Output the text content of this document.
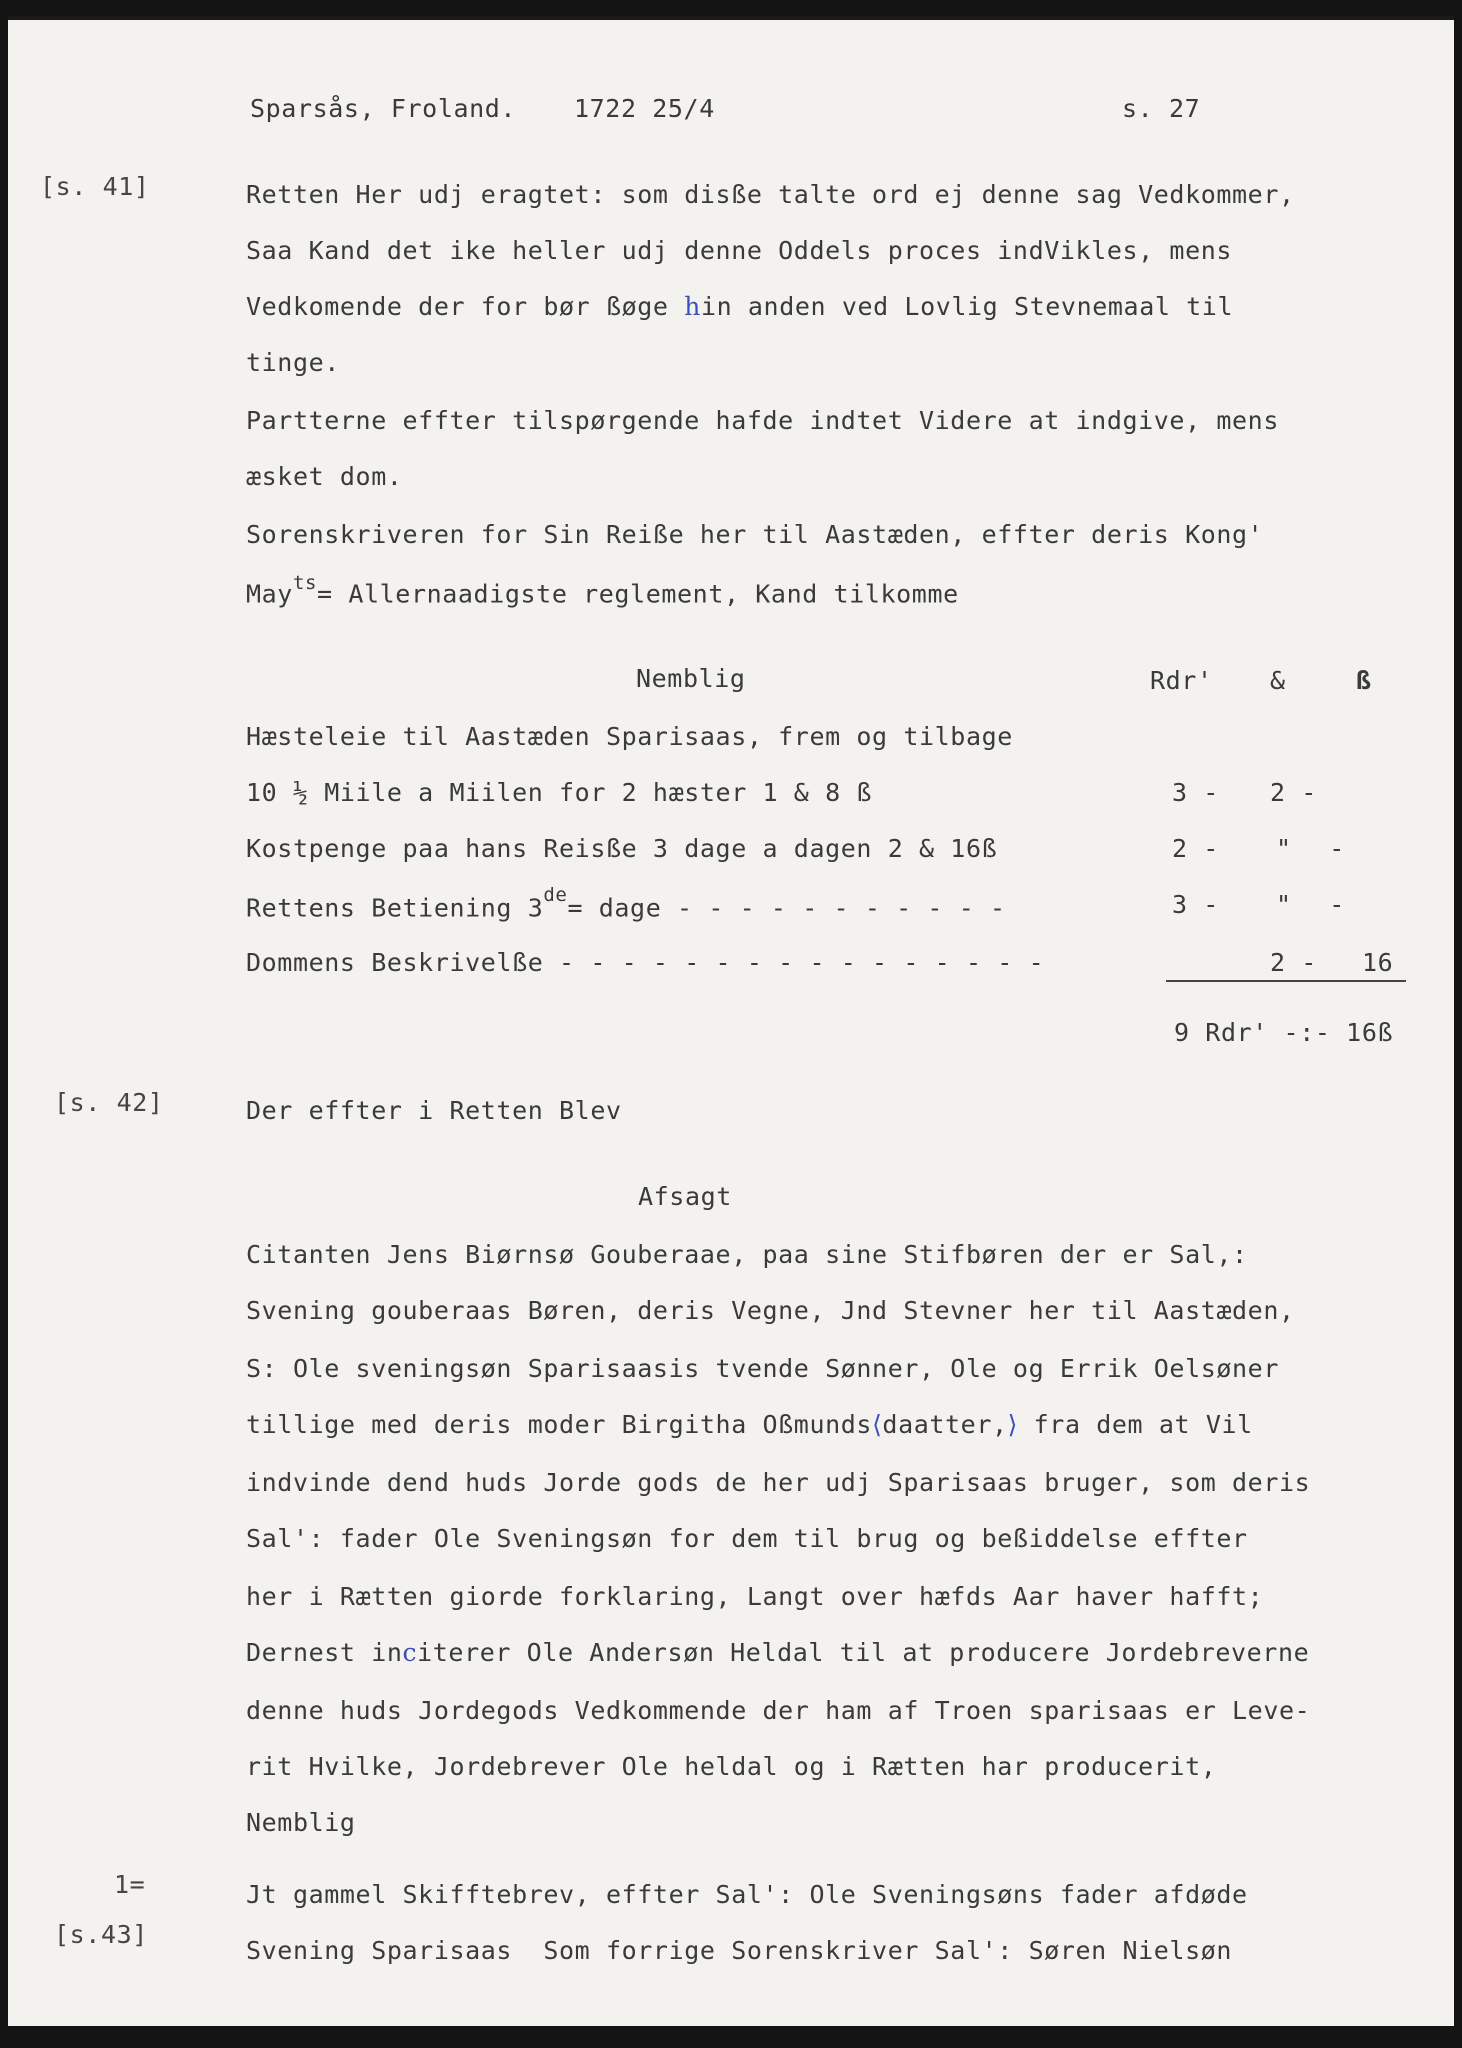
Sparsås, Froland. 1722 25/4	s. 27
[s. 41]
[s. 42]
1=
[s.43]
Retten Her udj eragtet: som disße talte ord ej denne sag Vedkommer,
Saa Kand det ike heller udj denne Oddels proces indVikles, mens
Vedkomende der for bør ßøge hin anden ved Lovlig Stevnemaal til
tinge.
Partterne effter tilspørgende hafde indtet Videre at indgive, mens
æsket dom.
Sorenskriveren for Sin Reiße her til Aastæden, effter deris Kong'
May$^{ts}$= Allernaadigste reglement, Kand tilkomme
Nemblig	Rdr' &	ß
Hæsteleie til Aastæden Sparisaas, frem og tilbage
10 ½ Miile a Miilen for 2 hæster 1 & 8 ß	3 - 2 -
Kostpenge paa hans Reisße 3 dage a dagen 2 & 16ß	2 - " -
Rettens Betiening 3de= dage - - - - - - - - - - -	3 - " -
Dommens Beskrivelße - - - - - - - - - - - - - - - -	2 - 16
9 Rdr' -:- 16ß
Der effter i Retten Blev
Afsagt
Citanten Jens Biørnsø Gouberaae, paa sine Stifbøren der er Sal,:
Svening gouberaas Børen, deris Vegne, Jnd Stevner her til Aastæden,
S: Ole sveningsøn Sparisaasis tvende Sønner, Ole og Errik Oelsøner
tillige med deris moder Birgitha Oßmunds⟨daatter,⟩ fra dem at Vil
indvinde dend huds Jorde gods de her udj Sparisaas bruger, som deris
Sal': fader Ole Sveningsøn for dem til brug og beßiddelse effter
her i Rætten giorde forklaring, Langt over hæfds Aar haver hafft;
Dernest inciterer Ole Andersøn Heldal til at producere Jordebreverne
denne huds Jordegods Vedkommende der ham af Troen sparisaas er Leve-
rit Hvilke, Jordebrever Ole heldal og i Rætten har producerit,
Nemblig
Jt gammel Skifftebrev, effter Sal': Ole Sveningsøns fader afdøde
Svening Sparisaas  Som forrige Sorenskriver Sal': Søren Nielsøn
